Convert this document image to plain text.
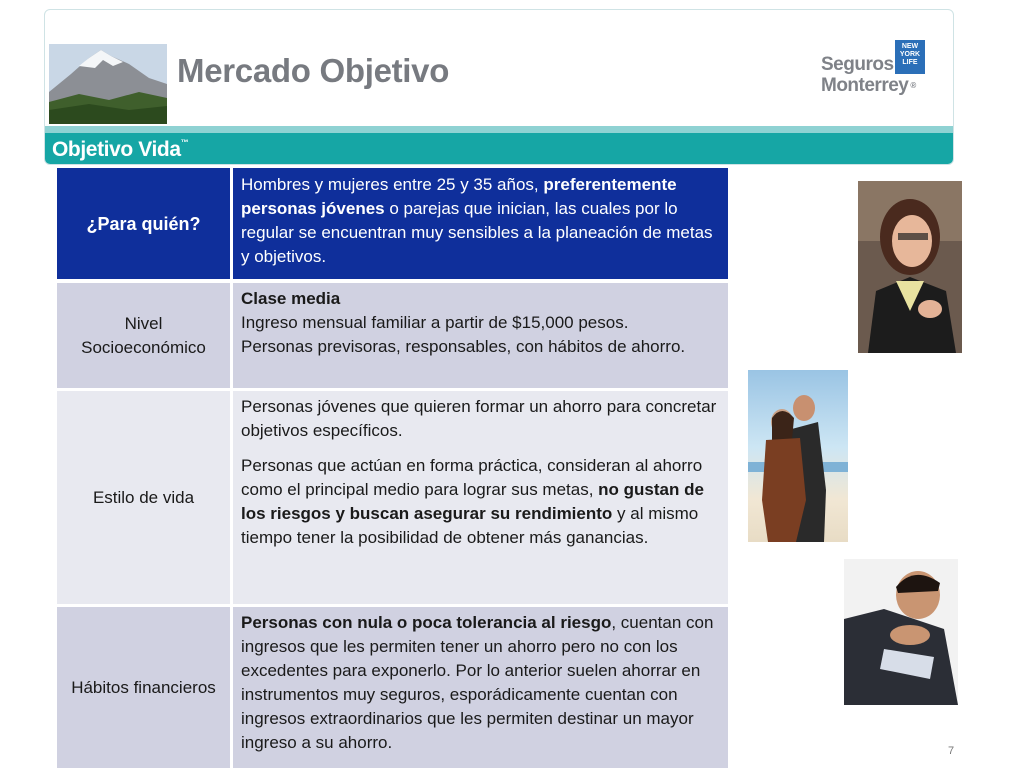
Mercado Objetivo	Seguros
Monterrey ®
NEW
YORK
LIFE
Objetivo Vida™
¿Para quién?
Hombres y mujeres entre 25 y 35 años, preferentemente personas jóvenes o parejas que inician, las cuales por lo regular se encuentran muy sensibles a la planeación de metas y objetivos.
Nivel Socioeconómico
Clase media
Ingreso mensual familiar a partir de $15,000 pesos.
Personas previsoras, responsables, con hábitos de ahorro.
Estilo de vida
Personas jóvenes que quieren formar un ahorro para concretar objetivos específicos.
Personas que actúan en forma práctica, consideran al ahorro como el principal medio para lograr sus metas, no gustan de los riesgos y buscan asegurar su rendimiento y al mismo tiempo tener la posibilidad de obtener más ganancias.
Hábitos financieros
Personas con nula o poca tolerancia al riesgo, cuentan con ingresos que les permiten tener un ahorro pero no con los excedentes para exponerlo. Por lo anterior suelen ahorrar en instrumentos muy seguros, esporádicamente cuentan con ingresos extraordinarios que les permiten destinar un mayor ingreso a su ahorro.	7
